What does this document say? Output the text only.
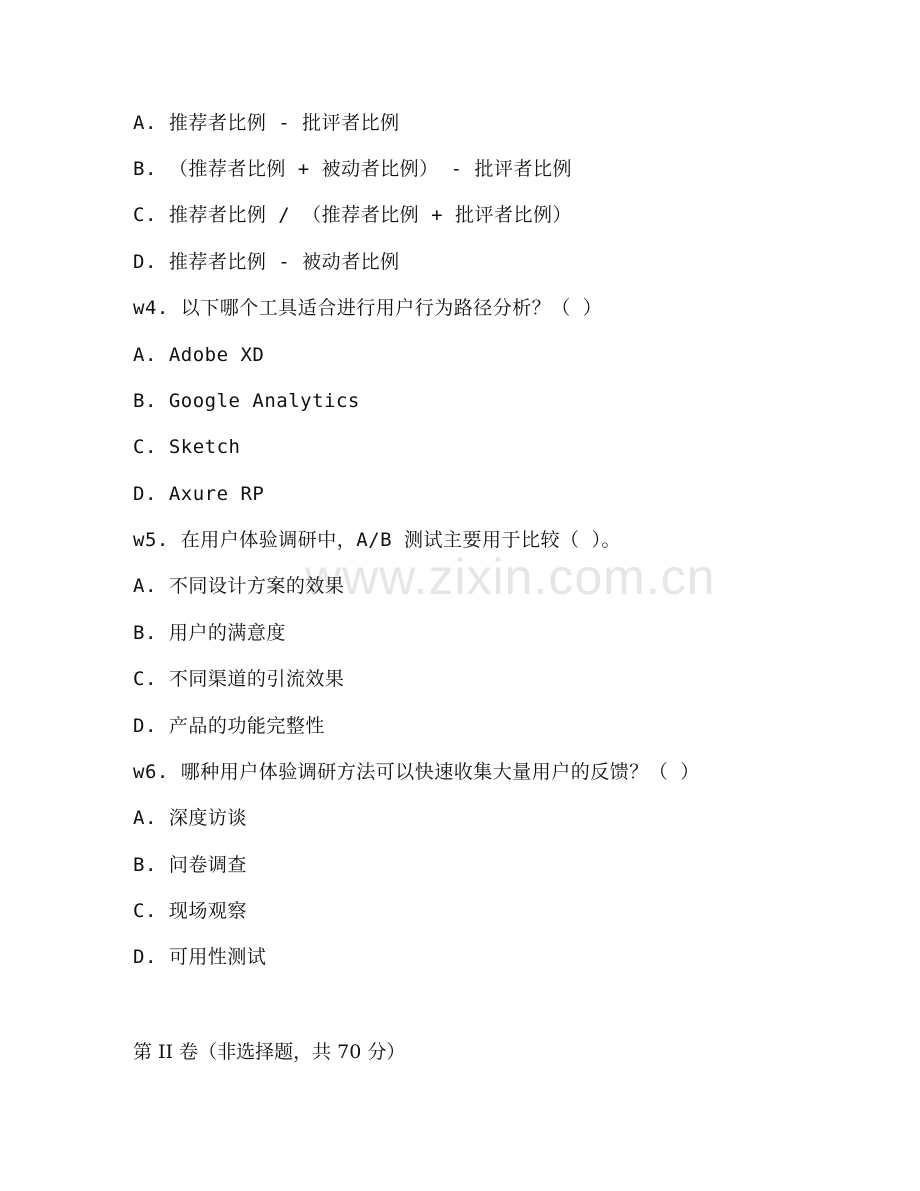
www.zixin.com.cn
A. 推荐者比例 - 批评者比例
B. （推荐者比例 + 被动者比例） - 批评者比例
C. 推荐者比例 / （推荐者比例 + 批评者比例）
D. 推荐者比例 - 被动者比例
w4. 以下哪个工具适合进行用户行为路径分析？（ ）
A. Adobe XD
B. Google Analytics
C. Sketch
D. Axure RP
w5. 在用户体验调研中，A/B 测试主要用于比较（ ）。
A. 不同设计方案的效果
B. 用户的满意度
C. 不同渠道的引流效果
D. 产品的功能完整性
w6. 哪种用户体验调研方法可以快速收集大量用户的反馈？（ ）
A. 深度访谈
B. 问卷调查
C. 现场观察
D. 可用性测试
第 II 卷（非选择题，共 70 分）
